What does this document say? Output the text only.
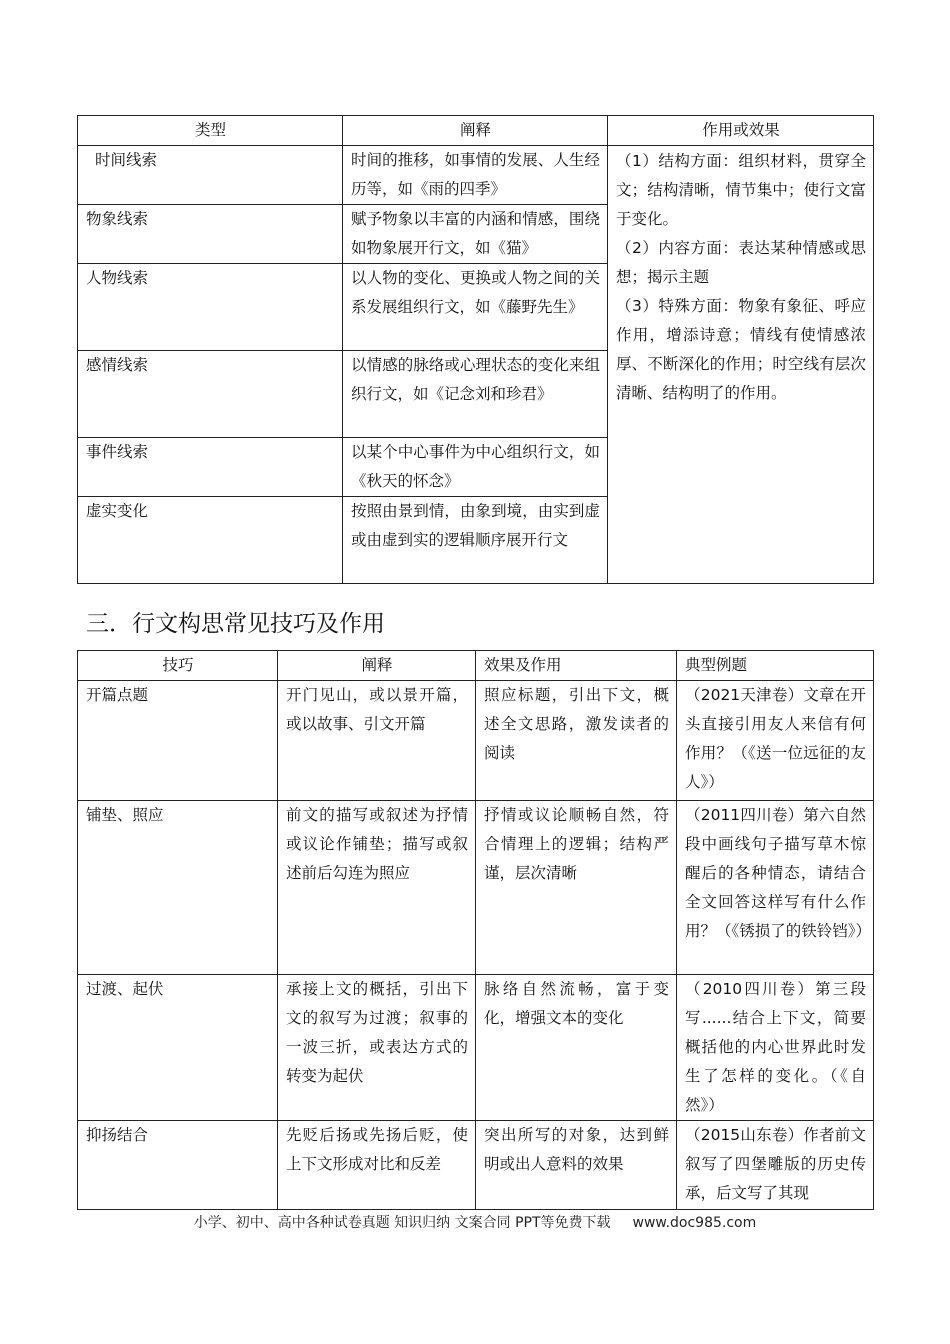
类型	阐释	作用或效果
时间线索	时间的推移，如事情的发展、人生经历等，如《雨的四季》	（1）结构方面：组织材料，贯穿全文；结构清晰，情节集中；使行文富于变化。
（2）内容方面：表达某种情感或思想；揭示主题
（3）特殊方面：物象有象征、呼应作用，增添诗意；情线有使情感浓厚、不断深化的作用；时空线有层次清晰、结构明了的作用。
物象线索	赋予物象以丰富的内涵和情感，围绕如物象展开行文，如《猫》	
人物线索	以人物的变化、更换或人物之间的关系发展组织行文，如《藤野先生》	
感情线索	以情感的脉络或心理状态的变化来组织行文，如《记念刘和珍君》	
事件线索	以某个中心事件为中心组织行文，如《秋天的怀念》	
虚实变化	按照由景到情，由象到境，由实到虚或由虚到实的逻辑顺序展开行文	
三．行文构思常见技巧及作用
技巧	阐释	效果及作用	典型例题
开篇点题	开门见山，或以景开篇，或以故事、引文开篇	照应标题，引出下文，概述全文思路，激发读者的阅读	（2021天津卷）文章在开头直接引用友人来信有何作用？（《送一位远征的友人》）
铺垫、照应	前文的描写或叙述为抒情或议论作铺垫；描写或叙述前后勾连为照应	抒情或议论顺畅自然，符合情理上的逻辑；结构严谨，层次清晰	（2011四川卷）第六自然段中画线句子描写草木惊醒后的各种情态，请结合全文回答这样写有什么作用？（《锈损了的铁铃铛》）
过渡、起伏	承接上文的概括，引出下文的叙写为过渡；叙事的一波三折，或表达方式的转变为起伏	脉络自然流畅，富于变化，增强文本的变化	（2010四川卷）第三段写......结合上下文，简要概括他的内心世界此时发生了怎样的变化。（《自然》）
抑扬结合	先贬后扬或先扬后贬，使上下文形成对比和反差	突出所写的对象，达到鲜明或出人意料的效果	（2015山东卷）作者前文叙写了四堡雕版的历史传承，后文写了其现
小学、初中、高中各种试卷真题 知识归纳 文案合同 PPT等免费下载 www.doc985.com
